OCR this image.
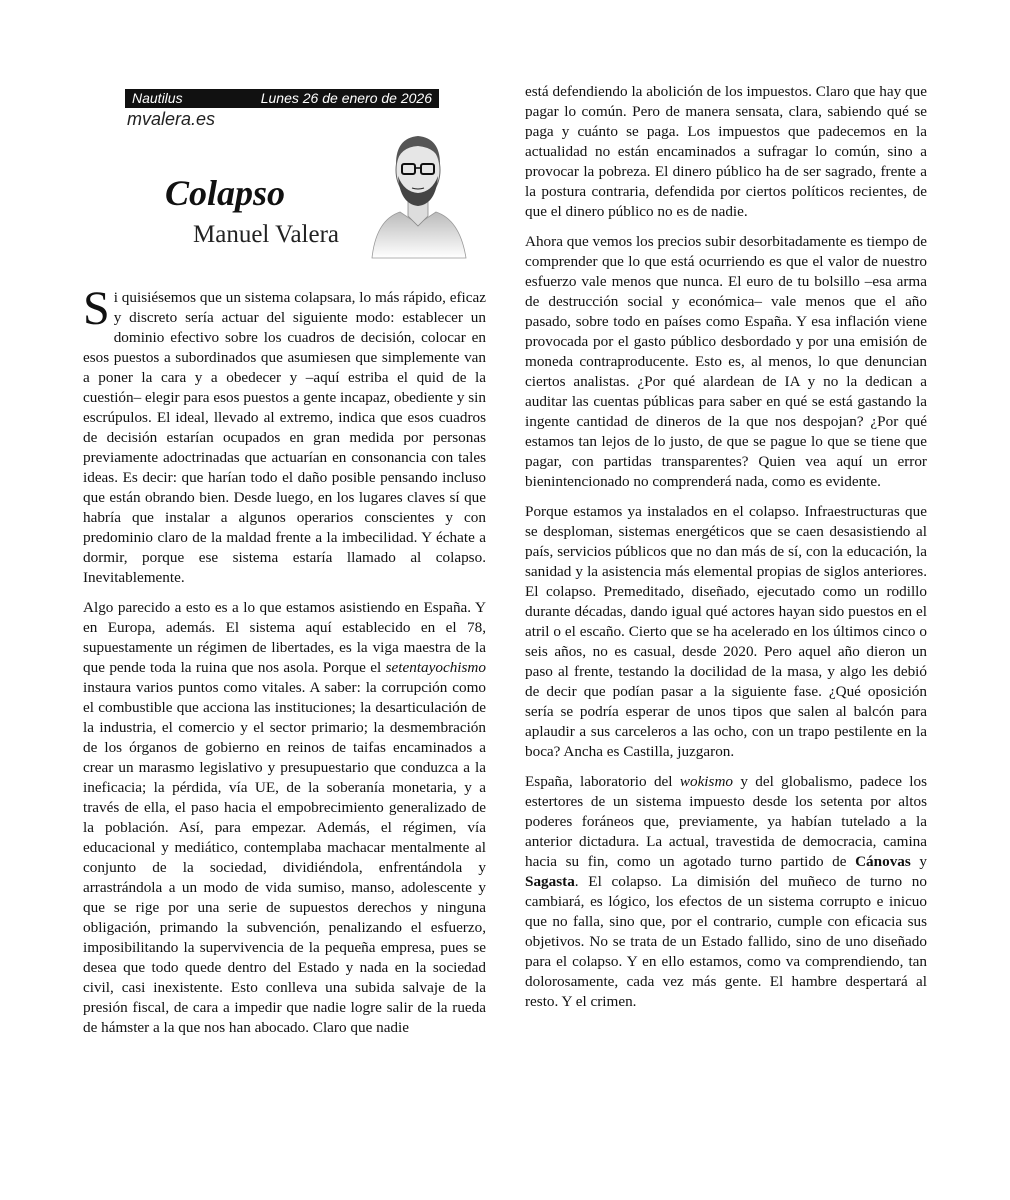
Nautilus	Lunes 26 de enero de 2026
mvalera.es
Colapso
Manuel Valera

Si quisiésemos que un sistema colapsara, lo más rápido, eficaz y discreto sería actuar del siguiente modo: establecer un dominio efectivo sobre los cuadros de decisión, colocar en esos puestos a subordinados que asumiesen que simplemente van a poner la cara y a obedecer y –aquí estriba el quid de la cuestión– elegir para esos puestos a gente incapaz, obediente y sin escrúpulos. El ideal, llevado al extremo, indica que esos cuadros de decisión estarían ocupados en gran medida por personas previamente adoctrinadas que actuarían en consonancia con tales ideas. Es decir: que harían todo el daño posible pensando incluso que están obrando bien. Desde luego, en los lugares claves sí que habría que instalar a algunos operarios conscientes y con predominio claro de la maldad frente a la imbecilidad. Y échate a dormir, porque ese sistema estaría llamado al colapso. Inevitablemente.

Algo parecido a esto es a lo que estamos asistiendo en España. Y en Europa, además. El sistema aquí establecido en el 78, supuestamente un régimen de libertades, es la viga maestra de la que pende toda la ruina que nos asola. Porque el setentayochismo instaura varios puntos como vitales. A saber: la corrupción como el combustible que acciona las instituciones; la desarticulación de la industria, el comercio y el sector primario; la desmembración de los órganos de gobierno en reinos de taifas encaminados a crear un marasmo legislativo y presupuestario que conduzca a la ineficacia; la pérdida, vía UE, de la soberanía monetaria, y a través de ella, el paso hacia el empobrecimiento generalizado de la población. Así, para empezar. Además, el régimen, vía educacional y mediático, contemplaba machacar mentalmente al conjunto de la sociedad, dividiéndola, enfrentándola y arrastrándola a un modo de vida sumiso, manso, adolescente y que se rige por una serie de supuestos derechos y ninguna obligación, primando la subvención, penalizando el esfuerzo, imposibilitando la supervivencia de la pequeña empresa, pues se desea que todo quede dentro del Estado y nada en la sociedad civil, casi inexistente. Esto conlleva una subida salvaje de la presión fiscal, de cara a impedir que nadie logre salir de la rueda de hámster a la que nos han abocado. Claro que nadie

está defendiendo la abolición de los impuestos. Claro que hay que pagar lo común. Pero de manera sensata, clara, sabiendo qué se paga y cuánto se paga. Los impuestos que padecemos en la actualidad no están encaminados a sufragar lo común, sino a provocar la pobreza. El dinero público ha de ser sagrado, frente a la postura contraria, defendida por ciertos políticos recientes, de que el dinero público no es de nadie.

Ahora que vemos los precios subir desorbitadamente es tiempo de comprender que lo que está ocurriendo es que el valor de nuestro esfuerzo vale menos que nunca. El euro de tu bolsillo –esa arma de destrucción social y económica– vale menos que el año pasado, sobre todo en países como España. Y esa inflación viene provocada por el gasto público desbordado y por una emisión de moneda contraproducente. Esto es, al menos, lo que denuncian ciertos analistas. ¿Por qué alardean de IA y no la dedican a auditar las cuentas públicas para saber en qué se está gastando la ingente cantidad de dineros de la que nos despojan? ¿Por qué estamos tan lejos de lo justo, de que se pague lo que se tiene que pagar, con partidas transparentes? Quien vea aquí un error bienintencionado no comprenderá nada, como es evidente.

Porque estamos ya instalados en el colapso. Infraestructuras que se desploman, sistemas energéticos que se caen desasistiendo al país, servicios públicos que no dan más de sí, con la educación, la sanidad y la asistencia más elemental propias de siglos anteriores. El colapso. Premeditado, diseñado, ejecutado como un rodillo durante décadas, dando igual qué actores hayan sido puestos en el atril o el escaño. Cierto que se ha acelerado en los últimos cinco o seis años, no es casual, desde 2020. Pero aquel año dieron un paso al frente, testando la docilidad de la masa, y algo les debió de decir que podían pasar a la siguiente fase. ¿Qué oposición sería se podría esperar de unos tipos que salen al balcón para aplaudir a sus carceleros a las ocho, con un trapo pestilente en la boca? Ancha es Castilla, juzgaron.

España, laboratorio del wokismo y del globalismo, padece los estertores de un sistema impuesto desde los setenta por altos poderes foráneos que, previamente, ya habían tutelado a la anterior dictadura. La actual, travestida de democracia, camina hacia su fin, como un agotado turno partido de Cánovas y Sagasta. El colapso. La dimisión del muñeco de turno no cambiará, es lógico, los efectos de un sistema corrupto e inicuo que no falla, sino que, por el contrario, cumple con eficacia sus objetivos. No se trata de un Estado fallido, sino de uno diseñado para el colapso. Y en ello estamos, como va comprendiendo, tan dolorosamente, cada vez más gente. El hambre despertará al resto. Y el crimen.
